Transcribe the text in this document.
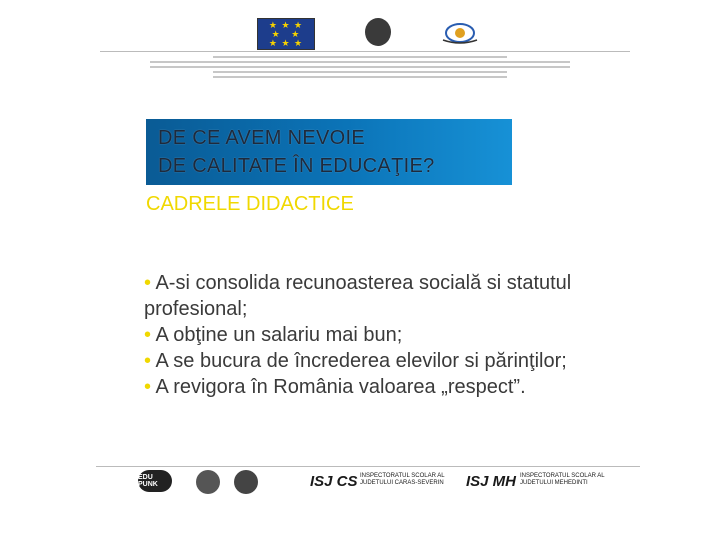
★ ★ ★
★   ★
★ ★ ★
DE CE AVEM NEVOIE
DE CALITATE ÎN EDUCAŢIE?
CADRELE DIDACTICE
• A-si consolida recunoasterea socială si statutul profesional;
• A obţine un salariu mai bun;
• A se bucura de încrederea elevilor si părinţilor;
• A revigora în România valoarea „respect”.
EDU PUNK	ISJ CS INSPECTORATUL SCOLAR AL JUDETULUI CARAS-SEVERIN	ISJ MH INSPECTORATUL SCOLAR AL JUDETULUI MEHEDINTI
